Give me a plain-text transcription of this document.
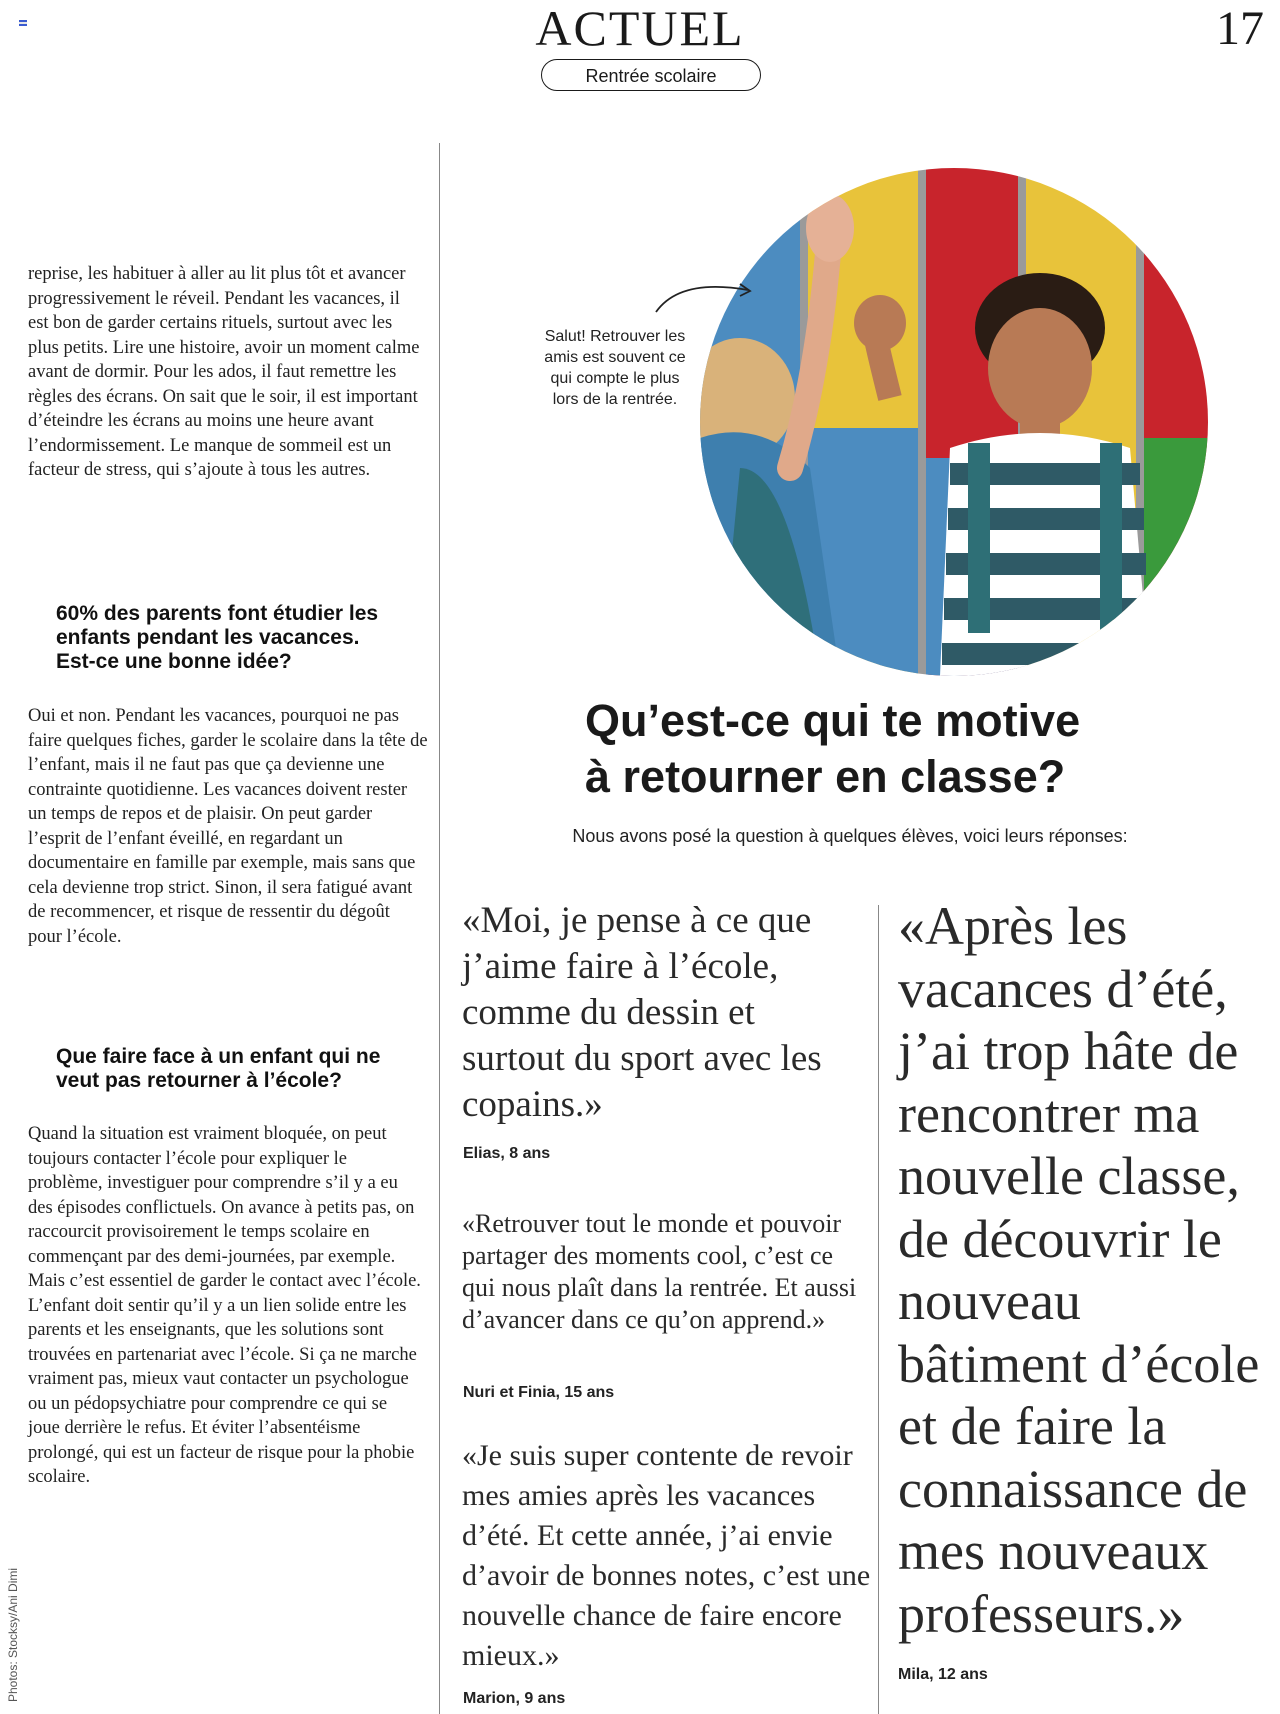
ACTUEL	17
Rentrée scolaire
reprise, les habituer à aller au lit plus tôt et avancer progressivement le réveil. Pendant les vacances, il est bon de garder certains rituels, surtout avec les plus petits. Lire une histoire, avoir un moment calme avant de dormir. Pour les ados, il faut remettre les règles des écrans. On sait que le soir, il est important d’éteindre les écrans au moins une heure avant l’endormissement. Le manque de sommeil est un facteur de stress, qui s’ajoute à tous les autres.
60% des parents font étudier les enfants pendant les vacances. Est-ce une bonne idée?
Oui et non. Pendant les vacances, pourquoi ne pas faire quelques fiches, garder le scolaire dans la tête de l’enfant, mais il ne faut pas que ça devienne une contrainte quotidienne. Les vacances doivent rester un temps de repos et de plaisir. On peut garder l’esprit de l’enfant éveillé, en regardant un documentaire en famille par exemple, mais sans que cela devienne trop strict. Sinon, il sera fatigué avant de recommencer, et risque de ressentir du dégoût pour l’école.
Que faire face à un enfant qui ne veut pas retourner à l’école?
Quand la situation est vraiment bloquée, on peut toujours contacter l’école pour expliquer le problème, investiguer pour comprendre s’il y a eu des épisodes conflictuels. On avance à petits pas, on raccourcit provisoirement le temps scolaire en commençant par des demi-journées, par exemple. Mais c’est essentiel de garder le contact avec l’école. L’enfant doit sentir qu’il y a un lien solide entre les parents et les enseignants, que les solutions sont trouvées en partenariat avec l’école. Si ça ne marche vraiment pas, mieux vaut contacter un psychologue ou un pédopsychiatre pour comprendre ce qui se joue derrière le refus. Et éviter l’absentéisme prolongé, qui est un facteur de risque pour la phobie scolaire.
Salut! Retrouver les amis est souvent ce qui compte le plus lors de la rentrée.
Qu’est-ce qui te motive
à retourner en classe?
Nous avons posé la question à quelques élèves, voici leurs réponses:
«Moi, je pense à ce que j’aime faire à l’école, comme du dessin et surtout du sport avec les copains.»
Elias, 8 ans
«Retrouver tout le monde et pouvoir partager des moments cool, c’est ce qui nous plaît dans la rentrée. Et aussi d’avancer dans ce qu’on apprend.»
Nuri et Finia, 15 ans
«Je suis super contente de revoir mes amies après les vacances d’été. Et cette année, j’ai envie d’avoir de bonnes notes, c’est une nouvelle chance de faire encore mieux.»
Marion, 9 ans
«Après les vacances d’été, j’ai trop hâte de rencontrer ma nouvelle classe, de découvrir le nouveau bâtiment d’école et de faire la connaissance de mes nouveaux professeurs.»
Mila, 12 ans
Photos: Stocksy/Ani Dimi
